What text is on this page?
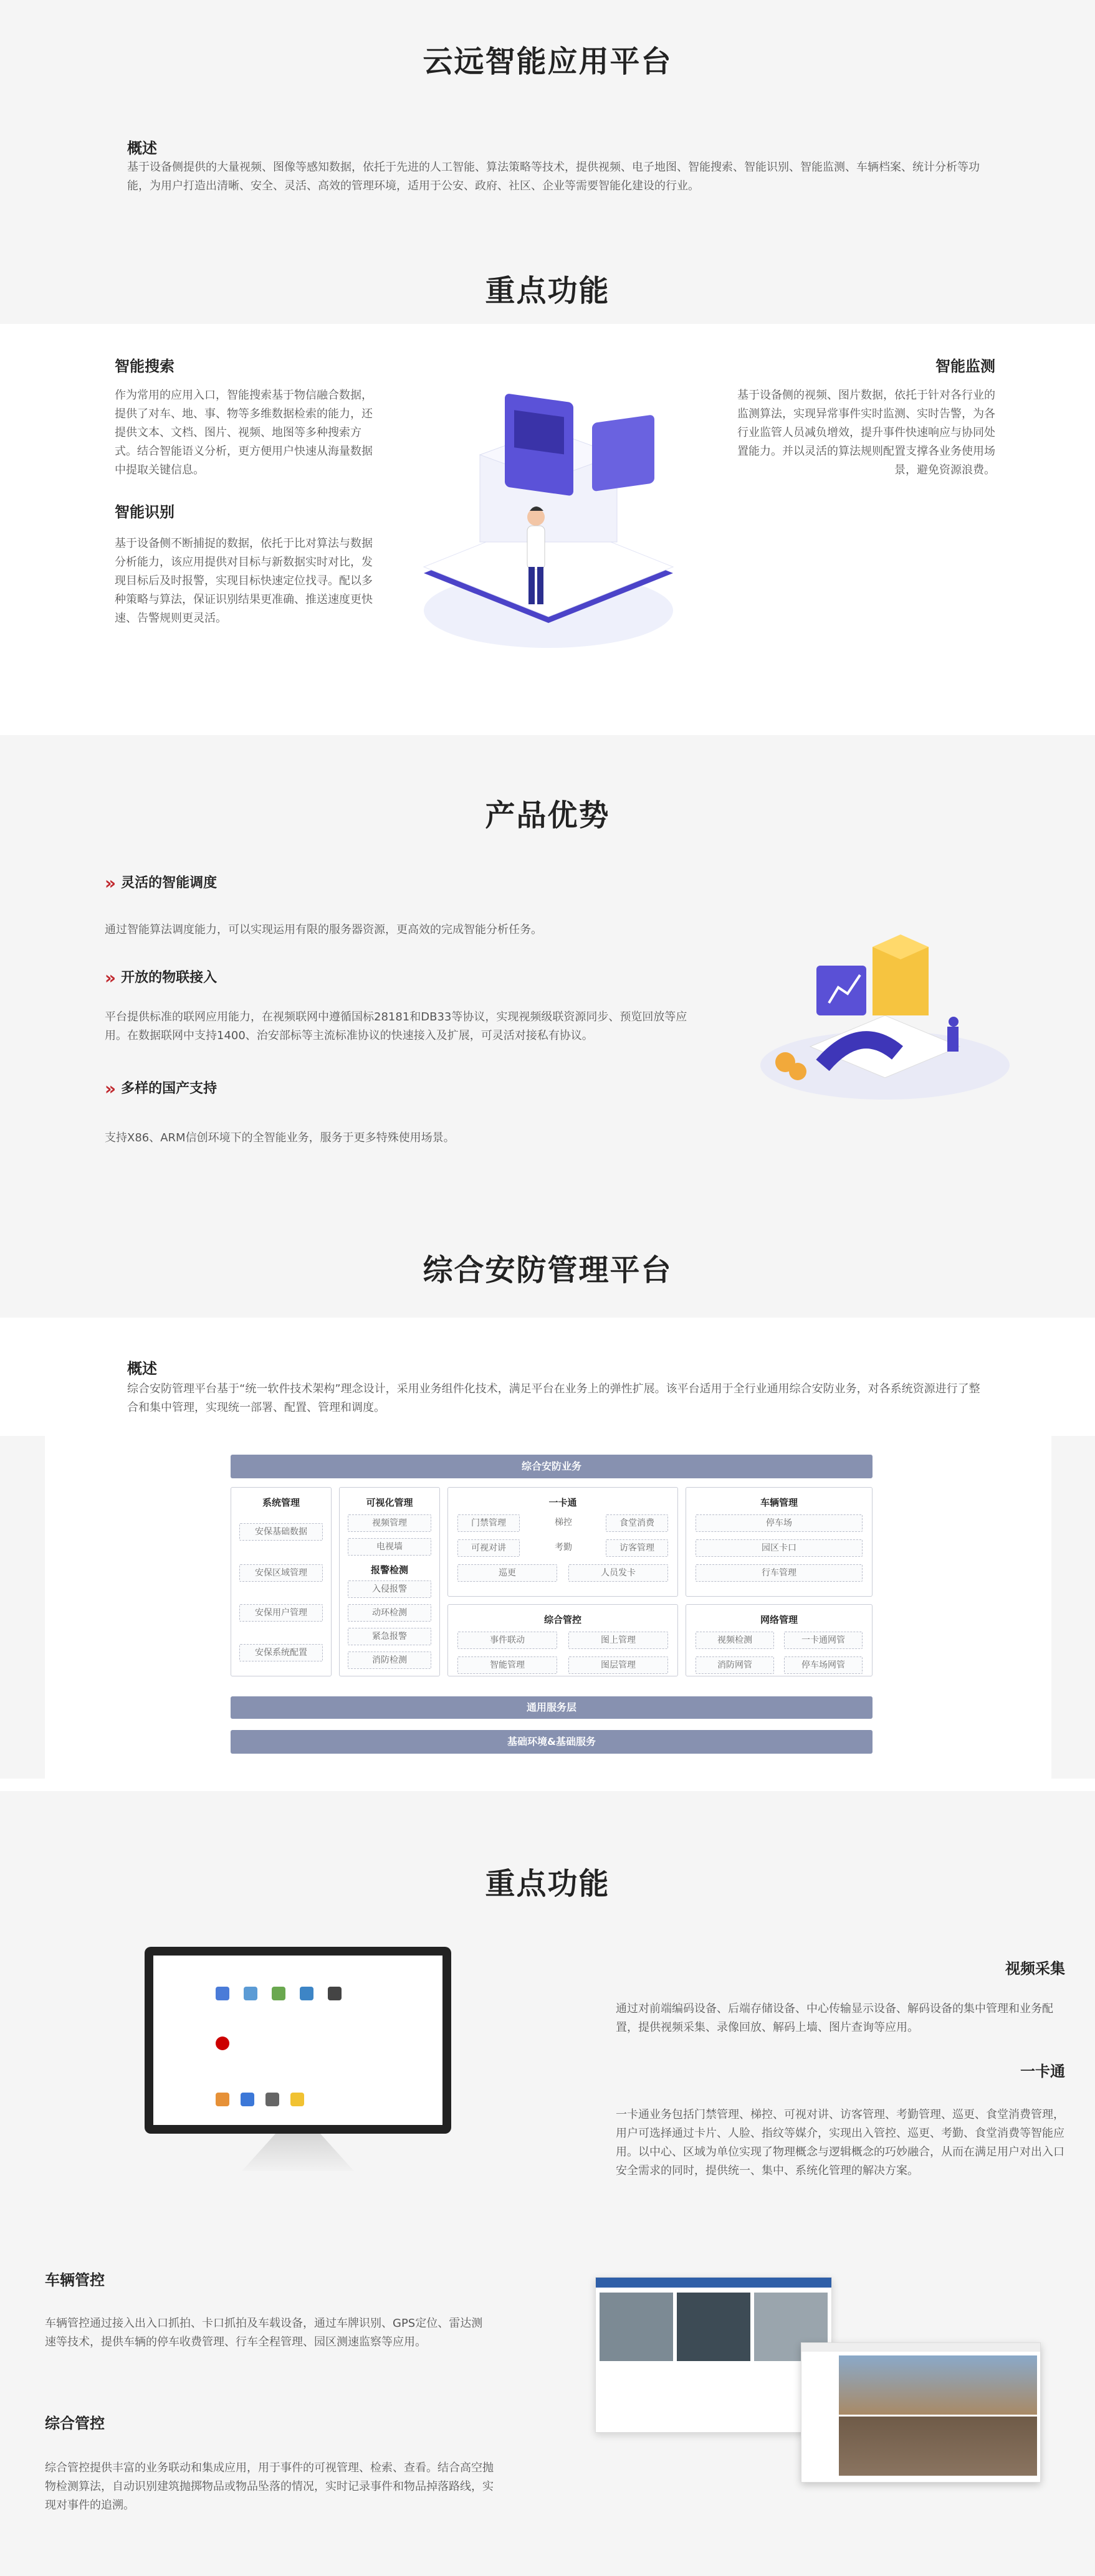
云远智能应用平台
概述
基于设备侧提供的大量视频、图像等感知数据，依托于先进的人工智能、算法策略等技术，提供视频、电子地图、智能搜索、智能识别、智能监测、车辆档案、统计分析等功能，为用户打造出清晰、安全、灵活、高效的管理环境，适用于公安、政府、社区、企业等需要智能化建设的行业。
重点功能
智能搜索
作为常用的应用入口，智能搜索基于物信融合数据，提供了对车、地、事、物等多维数据检索的能力，还提供文本、文档、图片、视频、地图等多种搜索方式。结合智能语义分析，更方便用户快速从海量数据中提取关键信息。
智能识别
基于设备侧不断捕捉的数据，依托于比对算法与数据分析能力，该应用提供对目标与新数据实时对比，发现目标后及时报警，实现目标快速定位找寻。配以多种策略与算法，保证识别结果更准确、推送速度更快速、告警规则更灵活。
智能监测
基于设备侧的视频、图片数据，依托于针对各行业的监测算法，实现异常事件实时监测、实时告警，为各行业监管人员减负增效，提升事件快速响应与协同处置能力。并以灵活的算法规则配置支撑各业务使用场景，避免资源浪费。
产品优势
» 灵活的智能调度
通过智能算法调度能力，可以实现运用有限的服务器资源，更高效的完成智能分析任务。
» 开放的物联接入
平台提供标准的联网应用能力，在视频联网中遵循国标28181和DB33等协议，实现视频级联资源同步、预览回放等应用。在数据联网中支持1400、治安部标等主流标准协议的快速接入及扩展，可灵活对接私有协议。
» 多样的国产支持
支持X86、ARM信创环境下的全智能业务，服务于更多特殊使用场景。
综合安防管理平台
概述
综合安防管理平台基于“统一软件技术架构”理念设计，采用业务组件化技术，满足平台在业务上的弹性扩展。该平台适用于全行业通用综合安防业务，对各系统资源进行了整合和集中管理，实现统一部署、配置、管理和调度。
综合安防业务
系统管理
安保基础数据
安保区域管理
安保用户管理
安保系统配置
可视化管理
视频管理
电视墙
报警检测
入侵报警
动环检测
紧急报警
消防检测
一卡通
门禁管理	梯控	食堂消费
可视对讲	考勤	访客管理
巡更	人员发卡
综合管控
事件联动	图上管理
智能管理	图层管理
车辆管理
停车场
园区卡口
行车管理
网络管理
视频检测	一卡通网管
消防网管	停车场网管
通用服务层
基础环境&基础服务
重点功能
视频采集
通过对前端编码设备、后端存储设备、中心传输显示设备、解码设备的集中管理和业务配置，提供视频采集、录像回放、解码上墙、图片查询等应用。
一卡通
一卡通业务包括门禁管理、梯控、可视对讲、访客管理、考勤管理、巡更、食堂消费管理，用户可选择通过卡片、人脸、指纹等媒介，实现出入管控、巡更、考勤、食堂消费等智能应用。以中心、区域为单位实现了物理概念与逻辑概念的巧妙融合，从而在满足用户对出入口安全需求的同时，提供统一、集中、系统化管理的解决方案。
车辆管控
车辆管控通过接入出入口抓拍、卡口抓拍及车载设备，通过车牌识别、GPS定位、雷达测速等技术，提供车辆的停车收费管理、行车全程管理、园区测速监察等应用。
综合管控
综合管控提供丰富的业务联动和集成应用，用于事件的可视管理、检索、查看。结合高空抛物检测算法，自动识别建筑抛掷物品或物品坠落的情况，实时记录事件和物品掉落路线，实现对事件的追溯。
